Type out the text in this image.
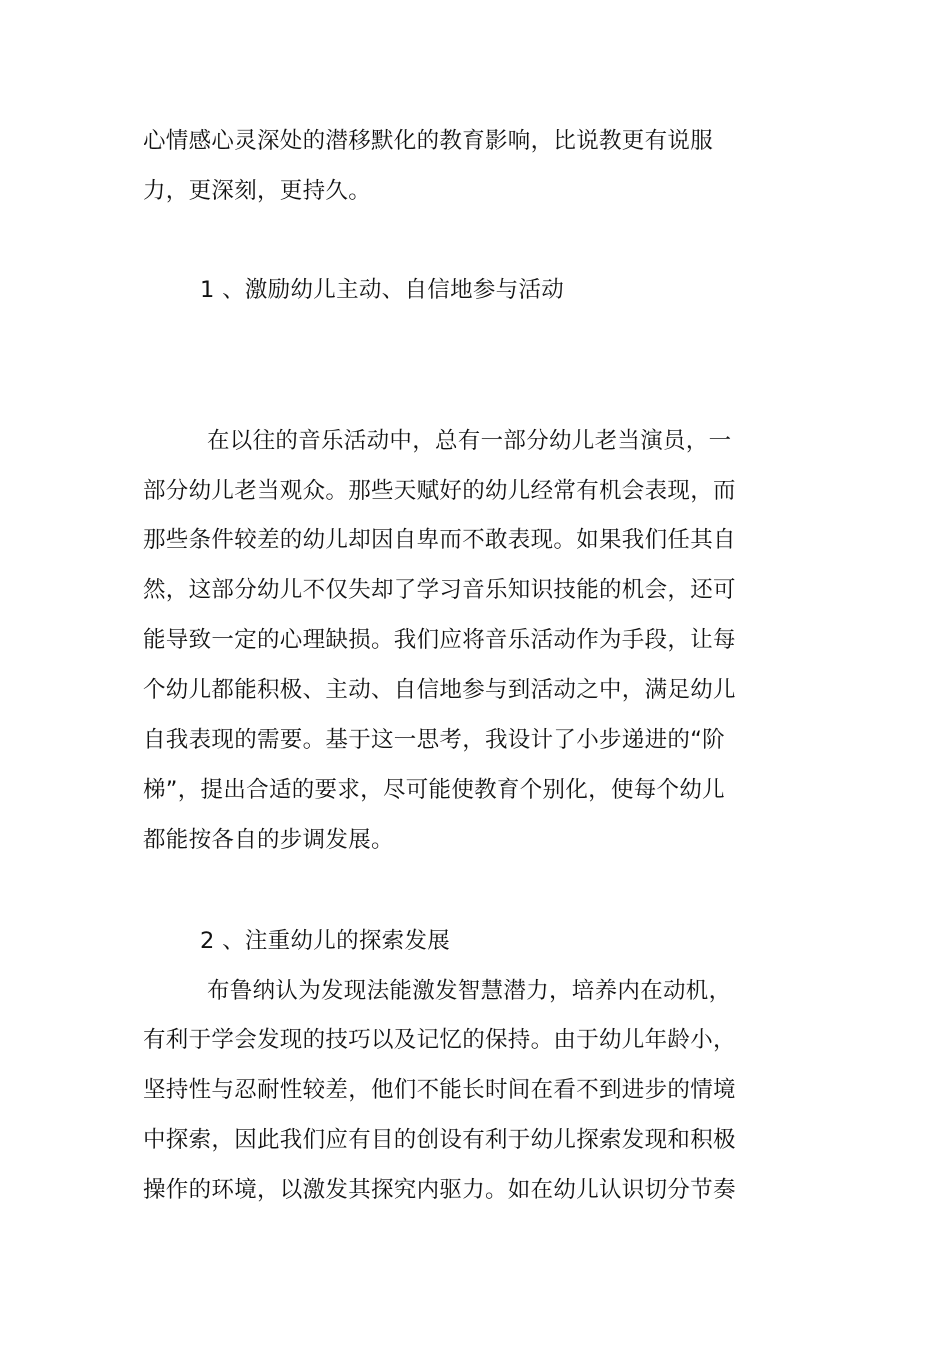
心情感心灵深处的潜移默化的教育影响，比说教更有说服
力，更深刻，更持久。
1 、激励幼儿主动、自信地参与活动
在以往的音乐活动中，总有一部分幼儿老当演员，一
部分幼儿老当观众。那些天赋好的幼儿经常有机会表现，而
那些条件较差的幼儿却因自卑而不敢表现。如果我们任其自
然，这部分幼儿不仅失却了学习音乐知识技能的机会，还可
能导致一定的心理缺损。我们应将音乐活动作为手段，让每
个幼儿都能积极、主动、自信地参与到活动之中，满足幼儿
自我表现的需要。基于这一思考，我设计了小步递进的“阶
梯”，提出合适的要求，尽可能使教育个别化，使每个幼儿
都能按各自的步调发展。
2 、注重幼儿的探索发展
布鲁纳认为发现法能激发智慧潜力，培养内在动机，
有利于学会发现的技巧以及记忆的保持。由于幼儿年龄小，
坚持性与忍耐性较差，他们不能长时间在看不到进步的情境
中探索，因此我们应有目的创设有利于幼儿探索发现和积极
操作的环境，以激发其探究内驱力。如在幼儿认识切分节奏
